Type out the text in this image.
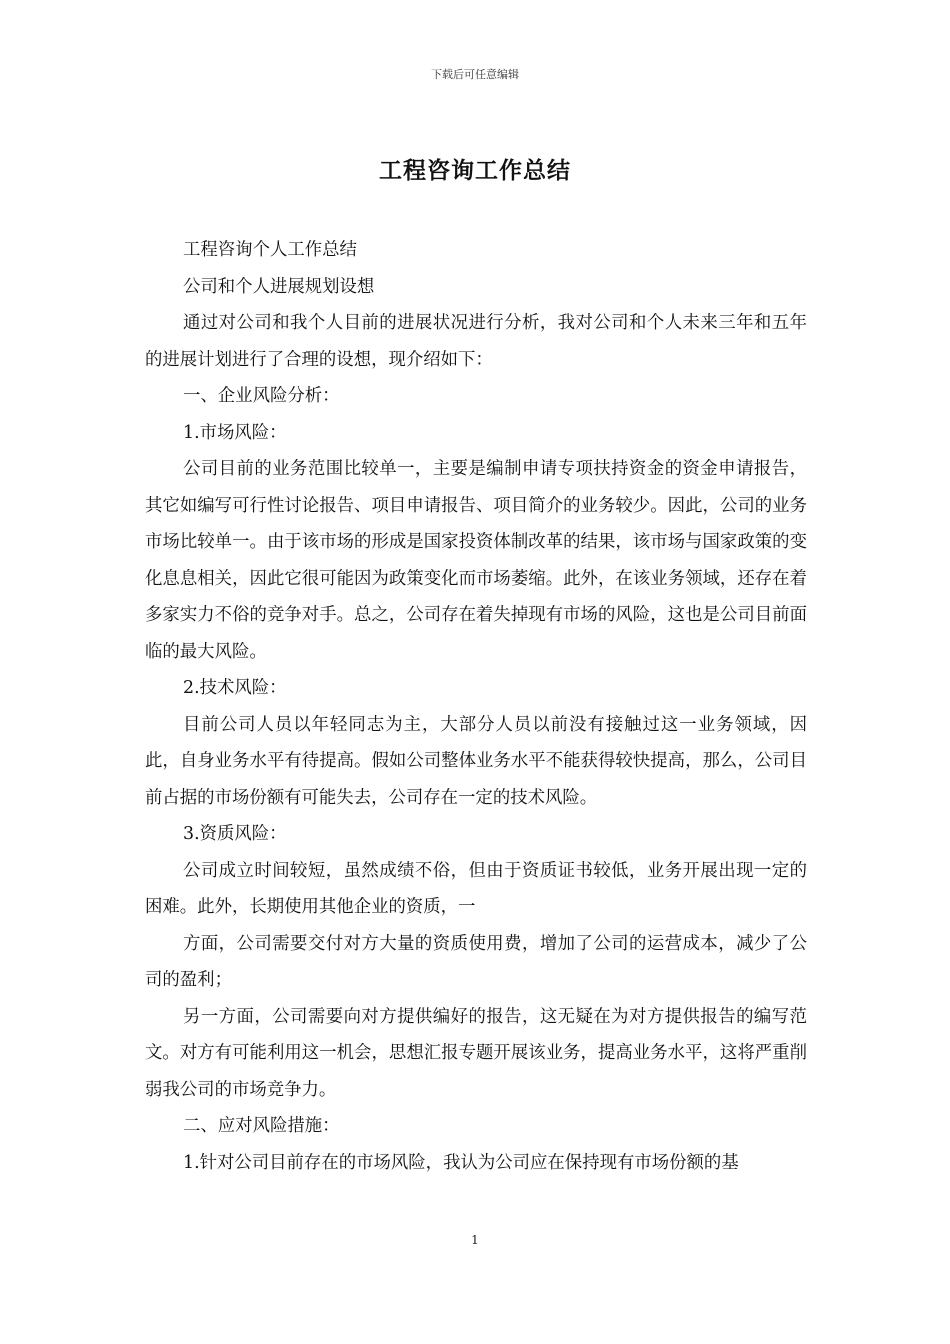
下载后可任意编辑
工程咨询工作总结

工程咨询个人工作总结

公司和个人进展规划设想

通过对公司和我个人目前的进展状况进行分析，我对公司和个人未来三年和五年的进展计划进行了合理的设想，现介绍如下：

一、企业风险分析：

1.市场风险：

公司目前的业务范围比较单一，主要是编制申请专项扶持资金的资金申请报告，其它如编写可行性讨论报告、项目申请报告、项目简介的业务较少。因此，公司的业务市场比较单一。由于该市场的形成是国家投资体制改革的结果，该市场与国家政策的变化息息相关，因此它很可能因为政策变化而市场萎缩。此外，在该业务领域，还存在着多家实力不俗的竞争对手。总之，公司存在着失掉现有市场的风险，这也是公司目前面临的最大风险。

2.技术风险：

目前公司人员以年轻同志为主，大部分人员以前没有接触过这一业务领域，因此，自身业务水平有待提高。假如公司整体业务水平不能获得较快提高，那么，公司目前占据的市场份额有可能失去，公司存在一定的技术风险。

3.资质风险：

公司成立时间较短，虽然成绩不俗，但由于资质证书较低，业务开展出现一定的困难。此外，长期使用其他企业的资质，一

方面，公司需要交付对方大量的资质使用费，增加了公司的运营成本，减少了公司的盈利；

另一方面，公司需要向对方提供编好的报告，这无疑在为对方提供报告的编写范文。对方有可能利用这一机会，思想汇报专题开展该业务，提高业务水平，这将严重削弱我公司的市场竞争力。

二、应对风险措施：

1.针对公司目前存在的市场风险，我认为公司应在保持现有市场份额的基

1
